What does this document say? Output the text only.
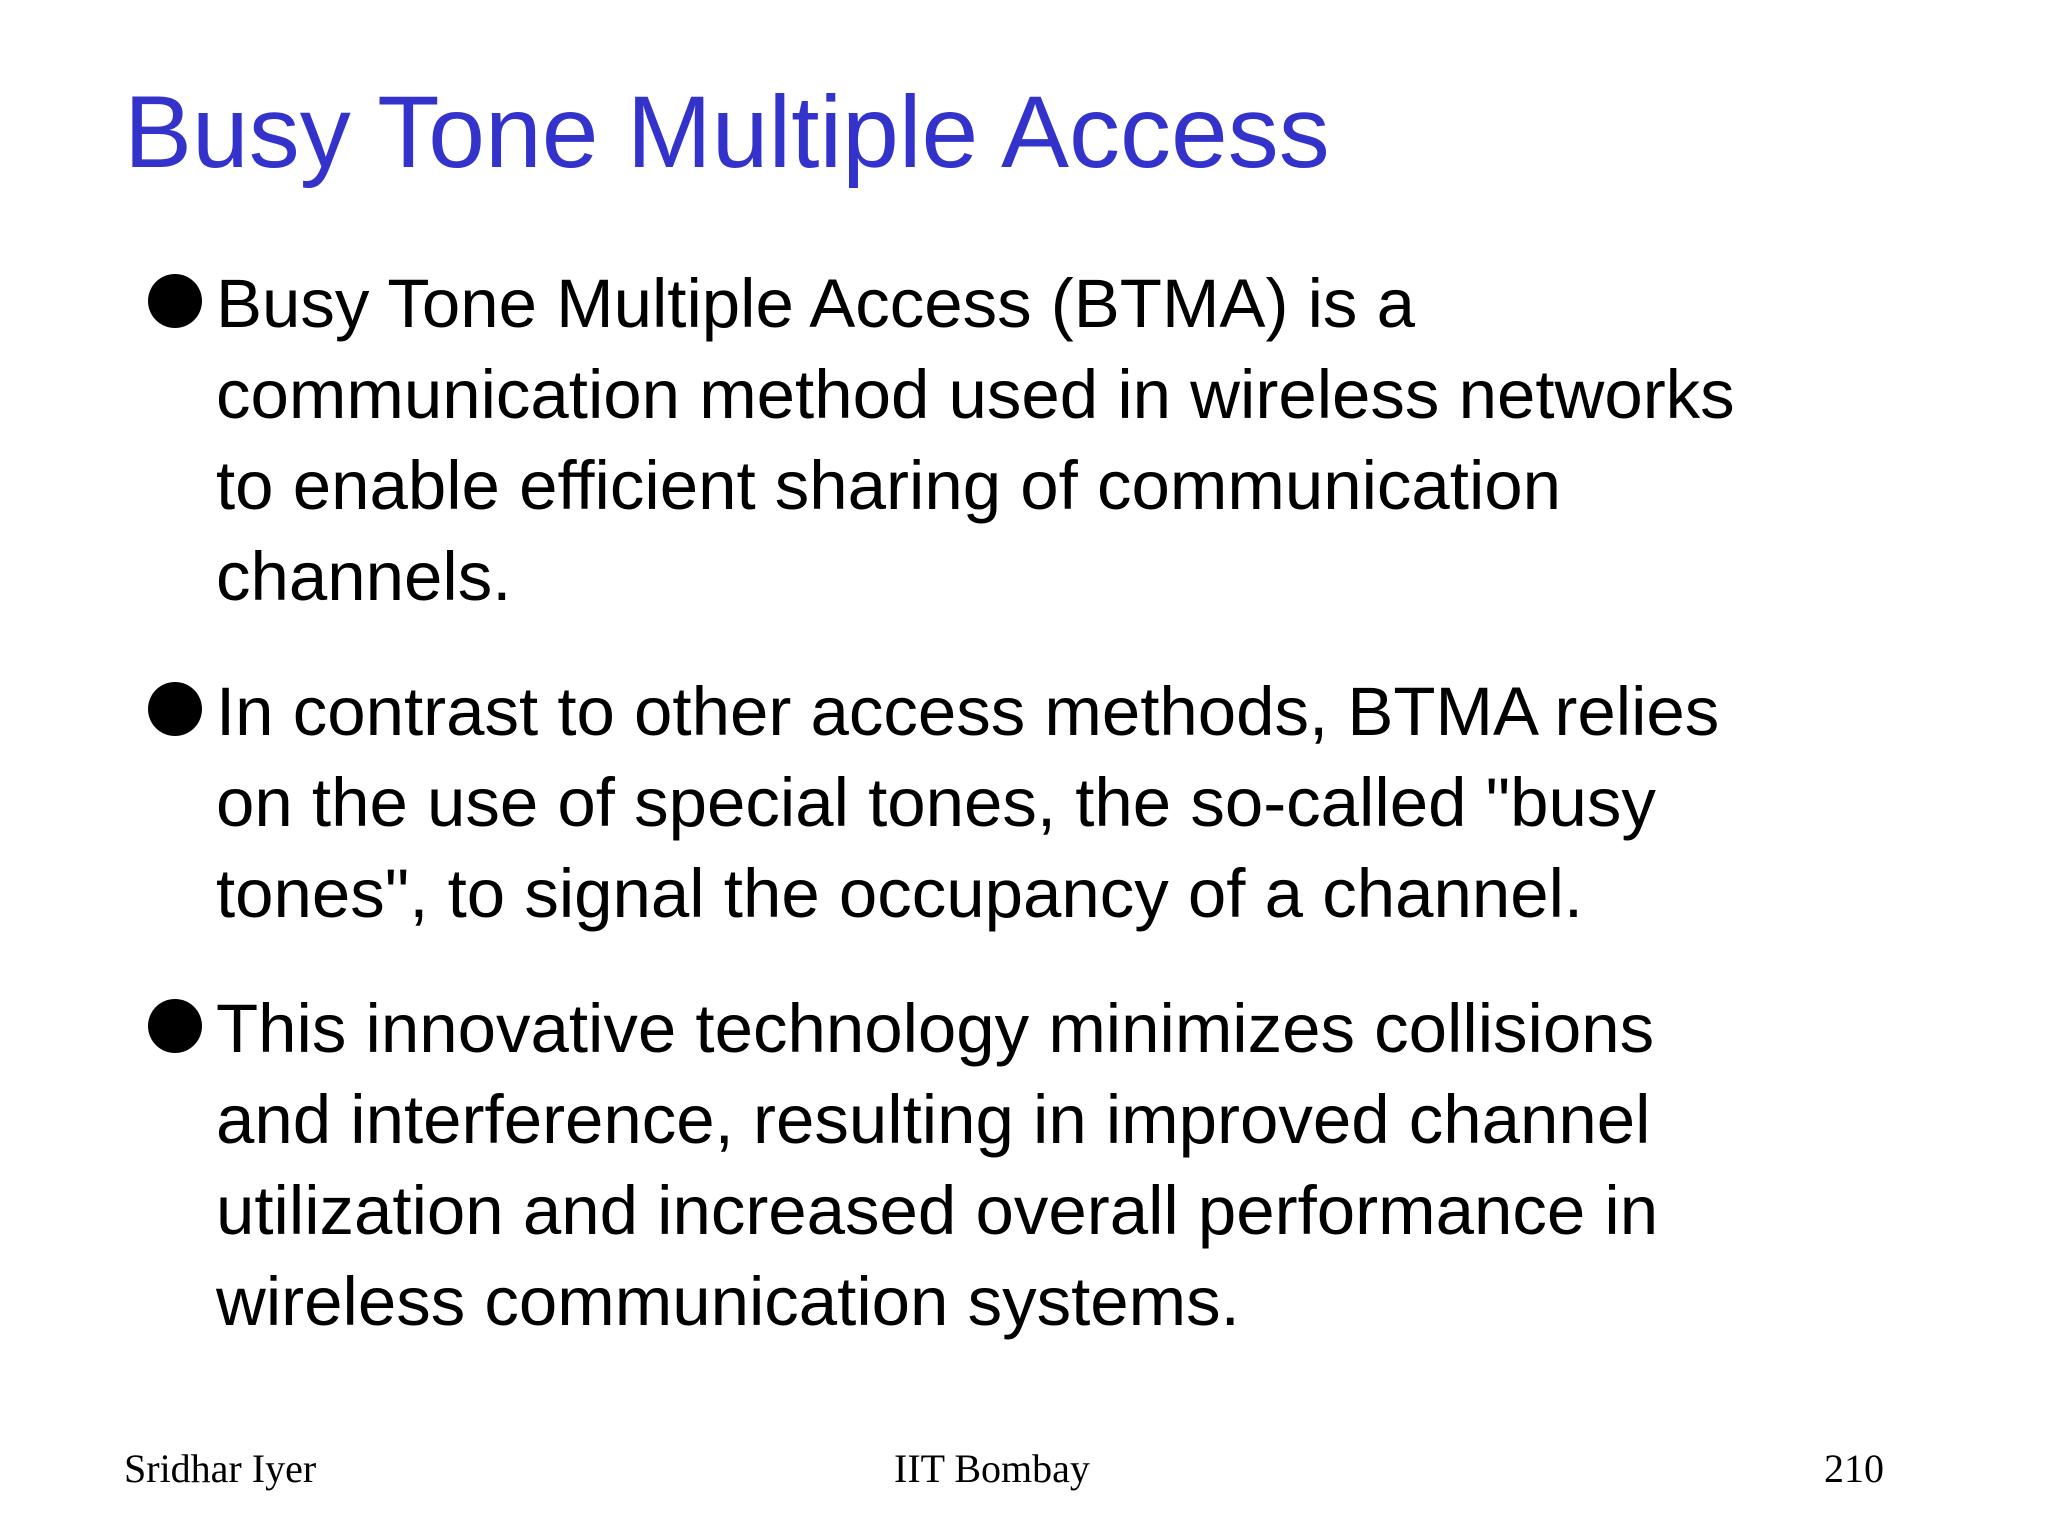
Busy Tone Multiple Access
Busy Tone Multiple Access (BTMA) is a
communication method used in wireless networks
to enable efficient sharing of communication
channels.
In contrast to other access methods, BTMA relies
on the use of special tones, the so-called "busy
tones", to signal the occupancy of a channel.
This innovative technology minimizes collisions
and interference, resulting in improved channel
utilization and increased overall performance in
wireless communication systems.
Sridhar Iyer	IIT Bombay	210
